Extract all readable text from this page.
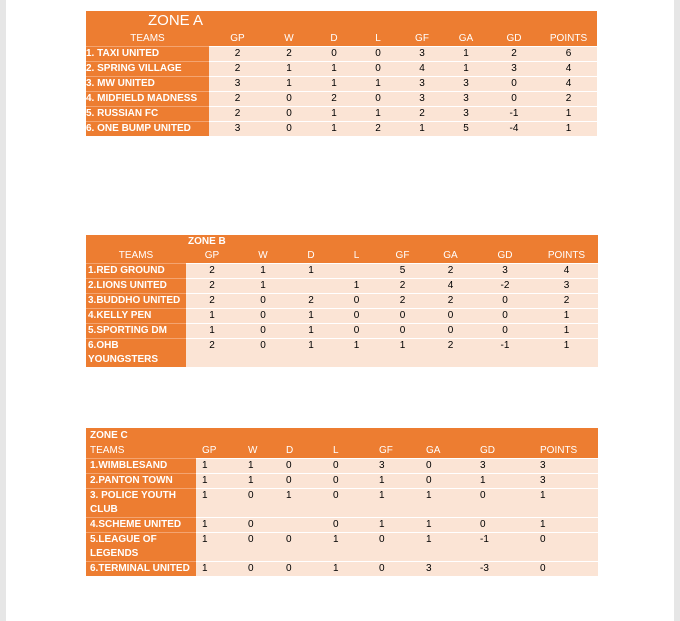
ZONE A								
TEAMS	GP	W	D	L	GF	GA	GD	POINTS
1. TAXI UNITED	2	2	0	0	3	1	2	6
2. SPRING VILLAGE	2	1	1	0	4	1	3	4
3. MW UNITED	3	1	1	1	3	3	0	4
4. MIDFIELD MADNESS	2	0	2	0	3	3	0	2
5. RUSSIAN FC	2	0	1	1	2	3	-1	1
6. ONE BUMP UNITED	3	0	1	2	1	5	-4	1
ZONE B								
TEAMS	GP	W	D	L	GF	GA	GD	POINTS
1.RED GROUND	2	1	1		5	2	3	4
2.LIONS UNITED	2	1		1	2	4	-2	3
3.BUDDHO UNITED	2	0	2	0	2	2	0	2
4.KELLY PEN	1	0	1	0	0	0	0	1
5.SPORTING DM	1	0	1	0	0	0	0	1
6.OHB YOUNGSTERS	2	0	1	1	1	2	-1	1
ZONE C								
TEAMS	GP	W	D	L	GF	GA	GD	POINTS
1.WIMBLESAND	1	1	0	0	3	0	3	3
2.PANTON TOWN	1	1	0	0	1	0	1	3
3. POLICE YOUTH CLUB	1	0	1	0	1	1	0	1
4.SCHEME UNITED	1	0		0	1	1	0	1
5.LEAGUE OF LEGENDS	1	0	0	1	0	1	-1	0
6.TERMINAL UNITED	1	0	0	1	0	3	-3	0
